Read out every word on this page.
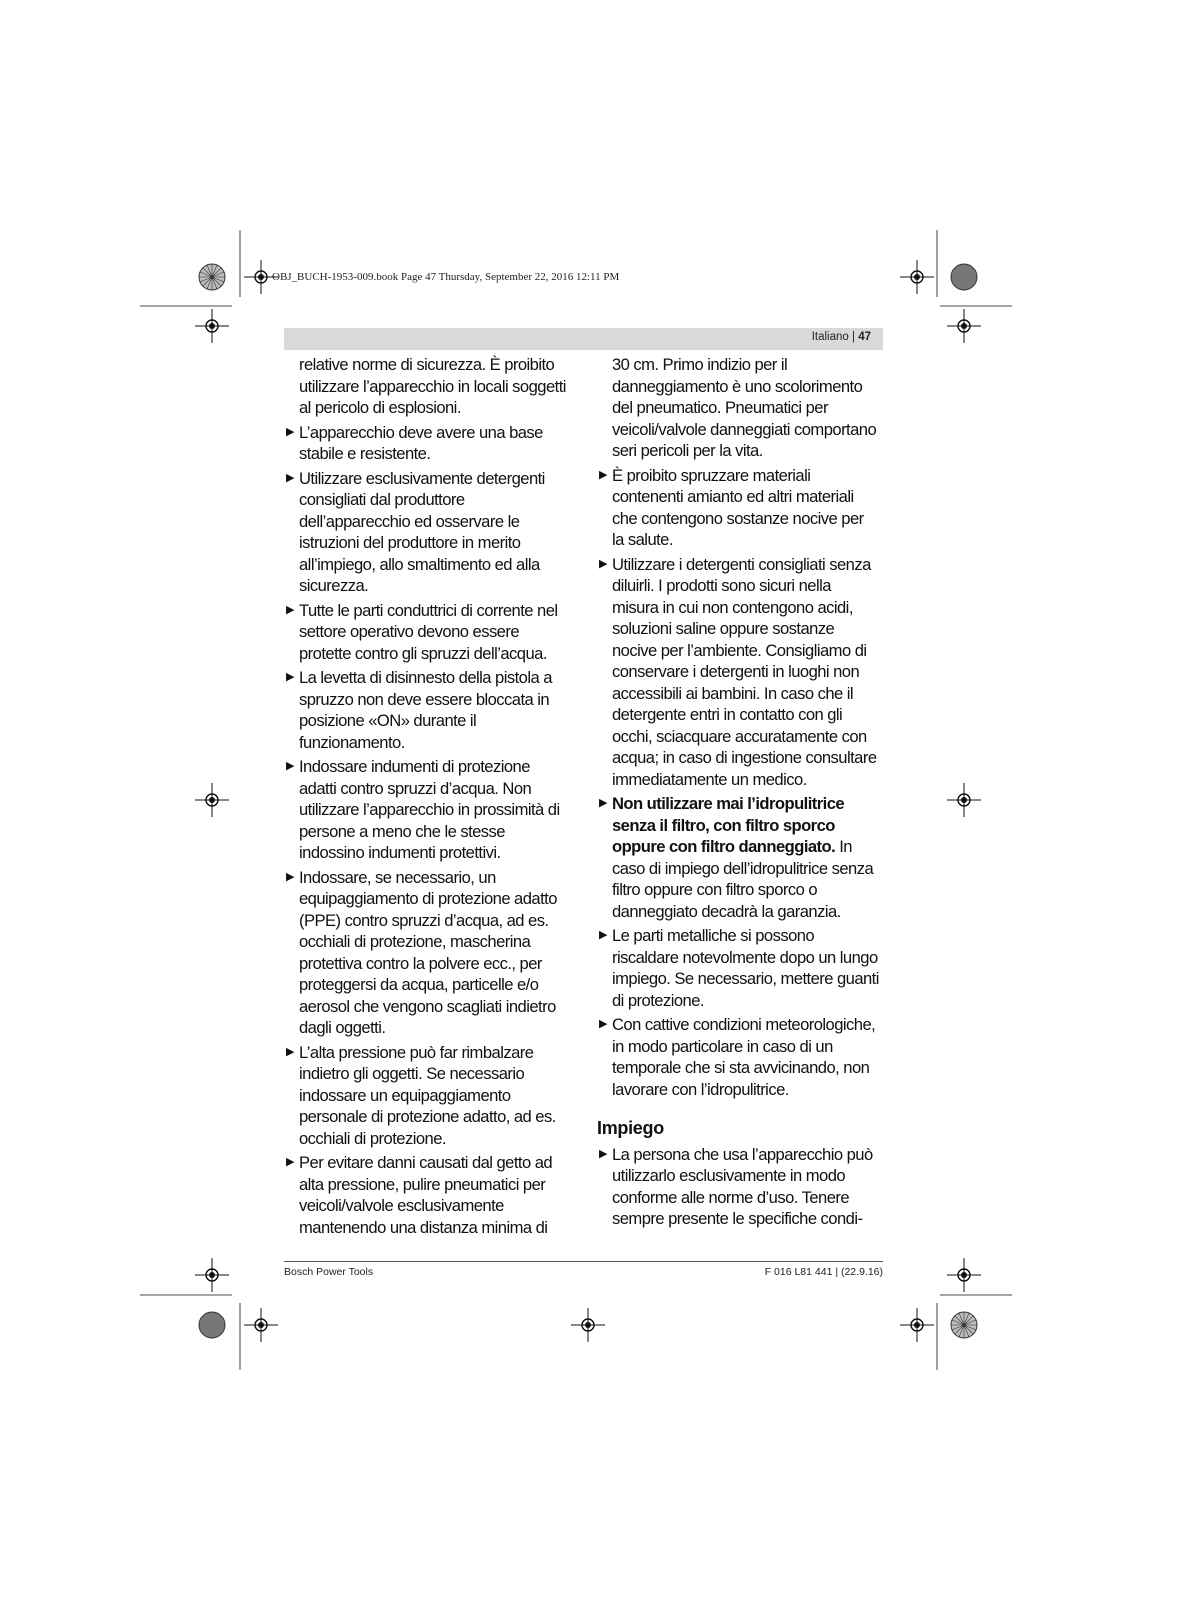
OBJ_BUCH-1953-009.book Page 47 Thursday, September 22, 2016 12:11 PM
Italiano | 47

relative norme di sicurezza. È proibito utilizzare l’apparecchio in locali soggetti al pericolo di esplosioni.

▶ L’apparecchio deve avere una base stabile e resistente.
▶ Utilizzare esclusivamente detergenti consigliati dal produttore dell’apparecchio ed osservare le istruzioni del produttore in merito all’impiego, allo smaltimento ed alla sicurezza.
▶ Tutte le parti conduttrici di corrente nel settore operativo devono essere protette contro gli spruzzi dell’acqua.
▶ La levetta di disinnesto della pistola a spruzzo non deve essere bloccata in posizione «ON» durante il funzionamento.
▶ Indossare indumenti di protezione adatti contro spruzzi d’acqua. Non utilizzare l’apparecchio in prossimità di persone a meno che le stesse indossino indumenti protettivi.
▶ Indossare, se necessario, un equipaggiamento di protezione adatto (PPE) contro spruzzi d’acqua, ad es. occhiali di protezione, mascherina protettiva contro la polvere ecc., per proteggersi da acqua, particelle e/o aerosol che vengono scagliati indietro dagli oggetti.
▶ L’alta pressione può far rimbalzare indietro gli oggetti. Se necessario indossare un equipaggiamento personale di protezione adatto, ad es. occhiali di protezione.
▶ Per evitare danni causati dal getto ad alta pressione, pulire pneumatici per veicoli/valvole esclusivamente mantenendo una distanza minima di

30 cm. Primo indizio per il danneggiamento è uno scolorimento del pneumatico. Pneumatici per veicoli/valvole danneggiati comportano seri pericoli per la vita.

▶ È proibito spruzzare materiali contenenti amianto ed altri materiali che contengono sostanze nocive per la salute.
▶ Utilizzare i detergenti consigliati senza diluirli. I prodotti sono sicuri nella misura in cui non contengono acidi, soluzioni saline oppure sostanze nocive per l’ambiente. Consigliamo di conservare i detergenti in luoghi non accessibili ai bambini. In caso che il detergente entri in contatto con gli occhi, sciacquare accuratamente con acqua; in caso di ingestione consultare immediatamente un medico.
▶ Non utilizzare mai l’idropulitrice senza il filtro, con filtro sporco oppure con filtro danneggiato. In caso di impiego dell’idropulitrice senza filtro oppure con filtro sporco o danneggiato decadrà la garanzia.
▶ Le parti metalliche si possono riscaldare notevolmente dopo un lungo impiego. Se necessario, mettere guanti di protezione.
▶ Con cattive condizioni meteorologiche, in modo particolare in caso di un temporale che si sta avvicinando, non lavorare con l’idropulitrice.
Impiego
▶ La persona che usa l’apparecchio può utilizzarlo esclusivamente in modo conforme alle norme d’uso. Tenere sempre presente le specifiche condi-
Bosch Power Tools	F 016 L81 441 | (22.9.16)
